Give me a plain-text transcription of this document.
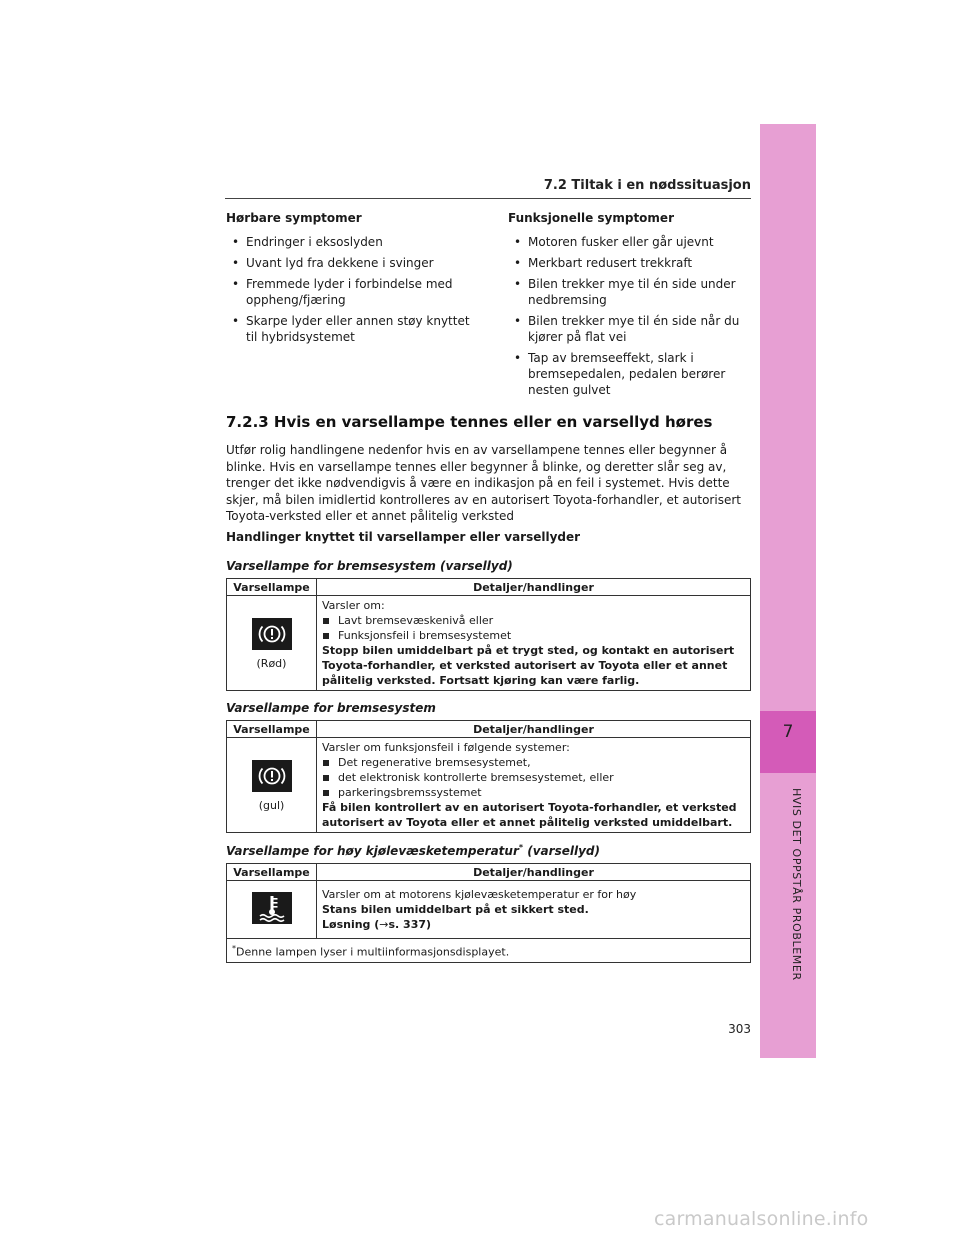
7
HVIS DET OPPSTÅR PROBLEMER
7.2 Tiltak i en nødssituasjon
Hørbare symptomer
• Endringer i eksoslyden
• Uvant lyd fra dekkene i svinger
• Fremmede lyder i forbindelse med oppheng/fjæring
• Skarpe lyder eller annen støy knyttet til hybridsystemet
Funksjonelle symptomer
• Motoren fusker eller går ujevnt
• Merkbart redusert trekkraft
• Bilen trekker mye til én side under nedbremsing
• Bilen trekker mye til én side når du kjører på flat vei
• Tap av bremseeffekt, slark i bremsepedalen, pedalen berører nesten gulvet
7.2.3 Hvis en varsellampe tennes eller en varsellyd høres
Utfør rolig handlingene nedenfor hvis en av varsellampene tennes eller begynner å blinke. Hvis en varsellampe tennes eller begynner å blinke, og deretter slår seg av, trenger det ikke nødvendigvis å være en indikasjon på en feil i systemet. Hvis dette skjer, må bilen imidlertid kontrolleres av en autorisert Toyota-forhandler, et autorisert Toyota-verksted eller et annet pålitelig verksted
Handlinger knyttet til varsellamper eller varsellyder
Varsellampe for bremsesystem (varsellyd)
Varsellampe	Detaljer/handlinger

(Rød)	Varsler om:
Lavt bremsevæskenivå eller
Funksjonsfeil i bremsesystemet
Stopp bilen umiddelbart på et trygt sted, og kontakt en autorisert Toyota-forhandler, et verksted autorisert av Toyota eller et annet pålitelig verksted. Fortsatt kjøring kan være farlig.
Varsellampe for bremsesystem
Varsellampe	Detaljer/handlinger

(gul)	Varsler om funksjonsfeil i følgende systemer:
Det regenerative bremsesystemet,
det elektronisk kontrollerte bremsesystemet, eller
parkeringsbremssystemet
Få bilen kontrollert av en autorisert Toyota-forhandler, et verksted autorisert av Toyota eller et annet pålitelig verksted umiddelbart.
Varsellampe for høy kjølevæsketemperatur* (varsellyd)
Varsellampe	Detaljer/handlinger

Varsler om at motorens kjølevæsketemperatur er for høy
Stans bilen umiddelbart på et sikkert sted.
Løsning (→s. 337)

*Denne lampen lyser i multiinformasjonsdisplayet.	
303
carmanualsonline.info
